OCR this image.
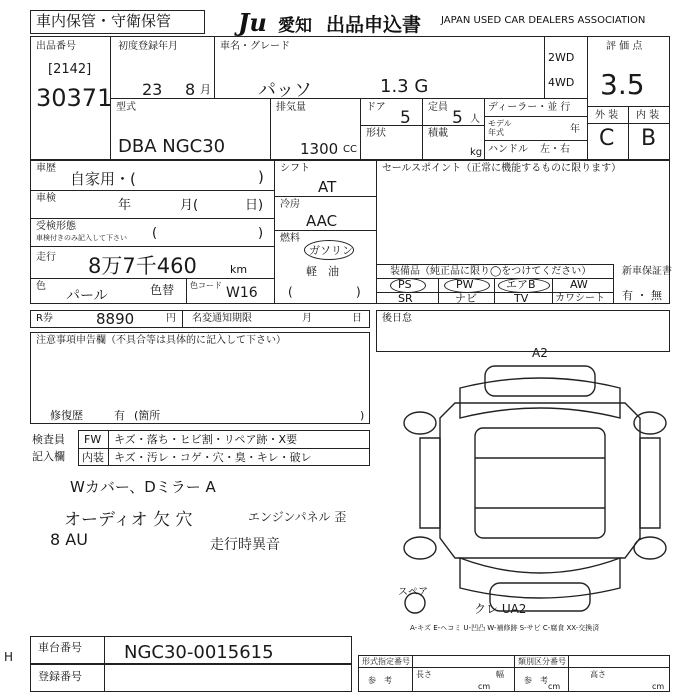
車内保管・守衛保管	Ju 愛知 出品申込書 JAPAN USED CAR DEALERS ASSOCIATION
出品番号
[2142]
30371
初度登録年月
23 8 月
車名・グレード
パッソ	1.3 G
2WD
4WD
評 価 点
3.5
外 装 内 装
C B
型式
DBA NGC30
排気量
1300 CC
ドア
5
定員
5 人
形状	積載
kg
ディーラー・並 行
モデル
年式	年
ハンドル 左・右
車歴
自家用・(	)
車検	年	月(	日)
受検形態
車検付きのみ記入して下さい (	)
走行 8万7千460	km
色
パール	色替 色コード W16
シフト
AT
冷房
AAC
燃料
ガソリン
軽　油
(	)
セールスポイント（正常に機能するものに限ります）
装備品（純正品に限り◯をつけてください）
PS	PW	エアB	AW
SR	ナビ	TV	カワシート
新車保証書
有 ・ 無
R券	8890	円 名変通知期限	月	日 後日怠
注意事項申告欄（不具合等は具体的に記入して下さい）
修復歴	有 (箇所	)
検査員
記入欄
FW キズ・落ち・ヒビ割・リペア跡・X要
内装 キズ・汚レ・コゲ・穴・臭・キレ・破レ
Wカバー、Dミラー A
オーディオ 欠 穴	エンジンパネル 歪
8 AU	走行時異音
A2
スペア
クレ UA2
A-キズ E-ヘコミ U-凹凸 W-補修跡 S-サビ C-腐食 XX-交換済
H
車台番号 NGC30-0015615
登録番号
形式指定番号	類別区分番号
参　考	参　考
長さ
cm
幅
cm
高さ
cm
